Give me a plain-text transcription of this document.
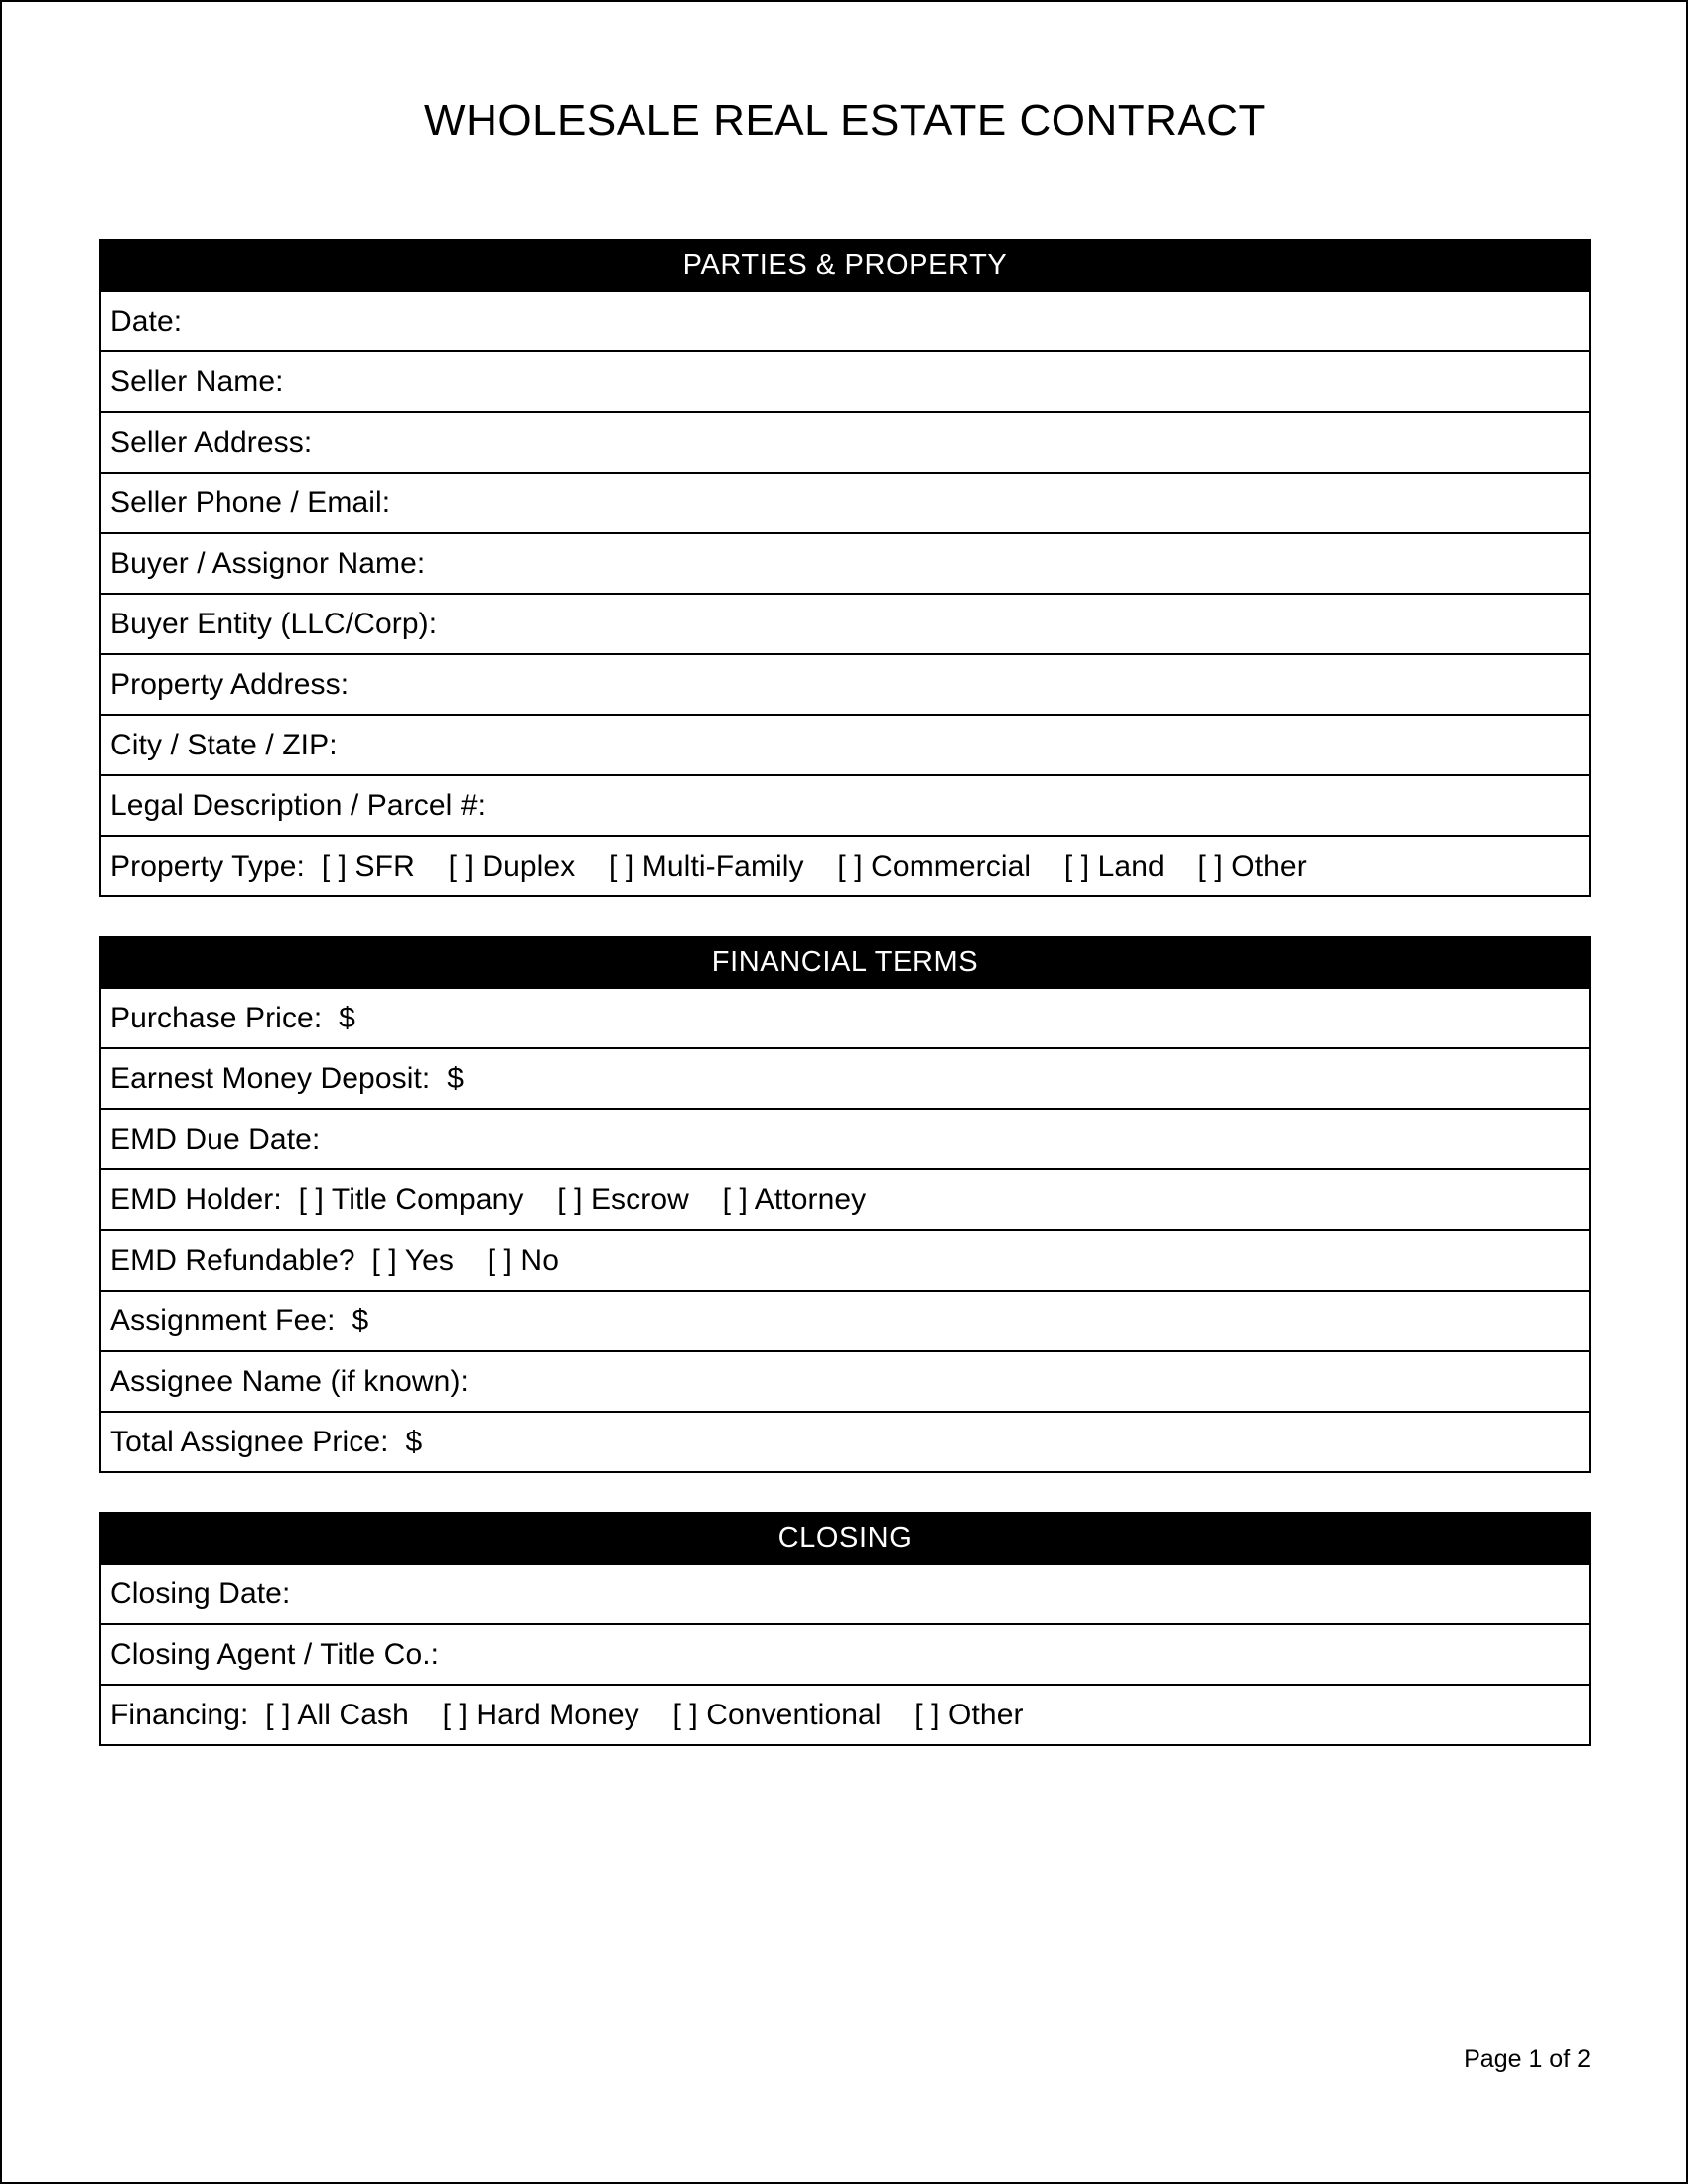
WHOLESALE REAL ESTATE CONTRACT
PARTIES & PROPERTY
Date:
Seller Name:
Seller Address:
Seller Phone / Email:
Buyer / Assignor Name:
Buyer Entity (LLC/Corp):
Property Address:
City / State / ZIP:
Legal Description / Parcel #:
Property Type:  [ ] SFR    [ ] Duplex    [ ] Multi-Family    [ ] Commercial    [ ] Land    [ ] Other
FINANCIAL TERMS
Purchase Price:  $
Earnest Money Deposit:  $
EMD Due Date:
EMD Holder:  [ ] Title Company    [ ] Escrow    [ ] Attorney
EMD Refundable?  [ ] Yes    [ ] No
Assignment Fee:  $
Assignee Name (if known):
Total Assignee Price:  $
CLOSING
Closing Date:
Closing Agent / Title Co.:
Financing:  [ ] All Cash    [ ] Hard Money    [ ] Conventional    [ ] Other
Page 1 of 2
